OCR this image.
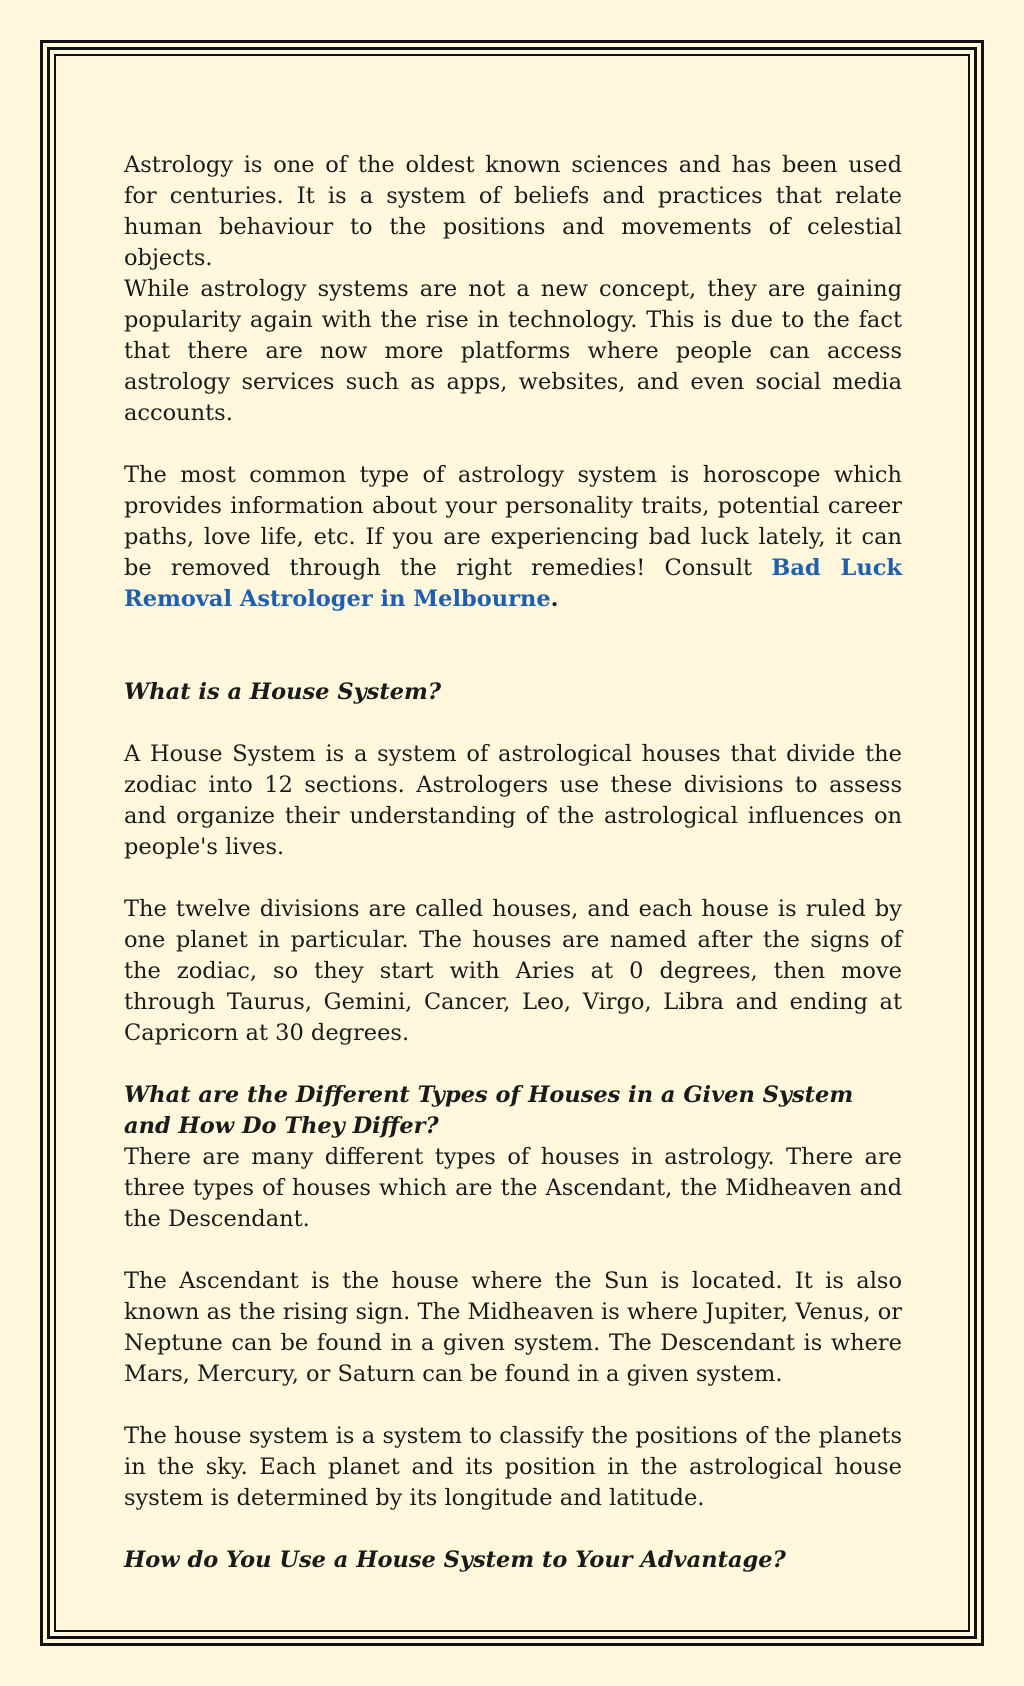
Astrology is one of the oldest known sciences and has been used for centuries. It is a system of beliefs and practices that relate human behaviour to the positions and movements of celestial objects.

While astrology systems are not a new concept, they are gaining popularity again with the rise in technology. This is due to the fact that there are now more platforms where people can access astrology services such as apps, websites, and even social media accounts.

The most common type of astrology system is horoscope which provides information about your personality traits, potential career paths, love life, etc. If you are experiencing bad luck lately, it can be removed through the right remedies! Consult Bad Luck Removal Astrologer in Melbourne.

What is a House System?

A House System is a system of astrological houses that divide the zodiac into 12 sections. Astrologers use these divisions to assess and organize their understanding of the astrological influences on people's lives.

The twelve divisions are called houses, and each house is ruled by one planet in particular. The houses are named after the signs of the zodiac, so they start with Aries at 0 degrees, then move through Taurus, Gemini, Cancer, Leo, Virgo, Libra and ending at Capricorn at 30 degrees.

What are the Different Types of Houses in a Given System and How Do They Differ?

There are many different types of houses in astrology. There are three types of houses which are the Ascendant, the Midheaven and the Descendant.

The Ascendant is the house where the Sun is located. It is also known as the rising sign. The Midheaven is where Jupiter, Venus, or Neptune can be found in a given system. The Descendant is where Mars, Mercury, or Saturn can be found in a given system.

The house system is a system to classify the positions of the planets in the sky. Each planet and its position in the astrological house system is determined by its longitude and latitude.

How do You Use a House System to Your Advantage?
